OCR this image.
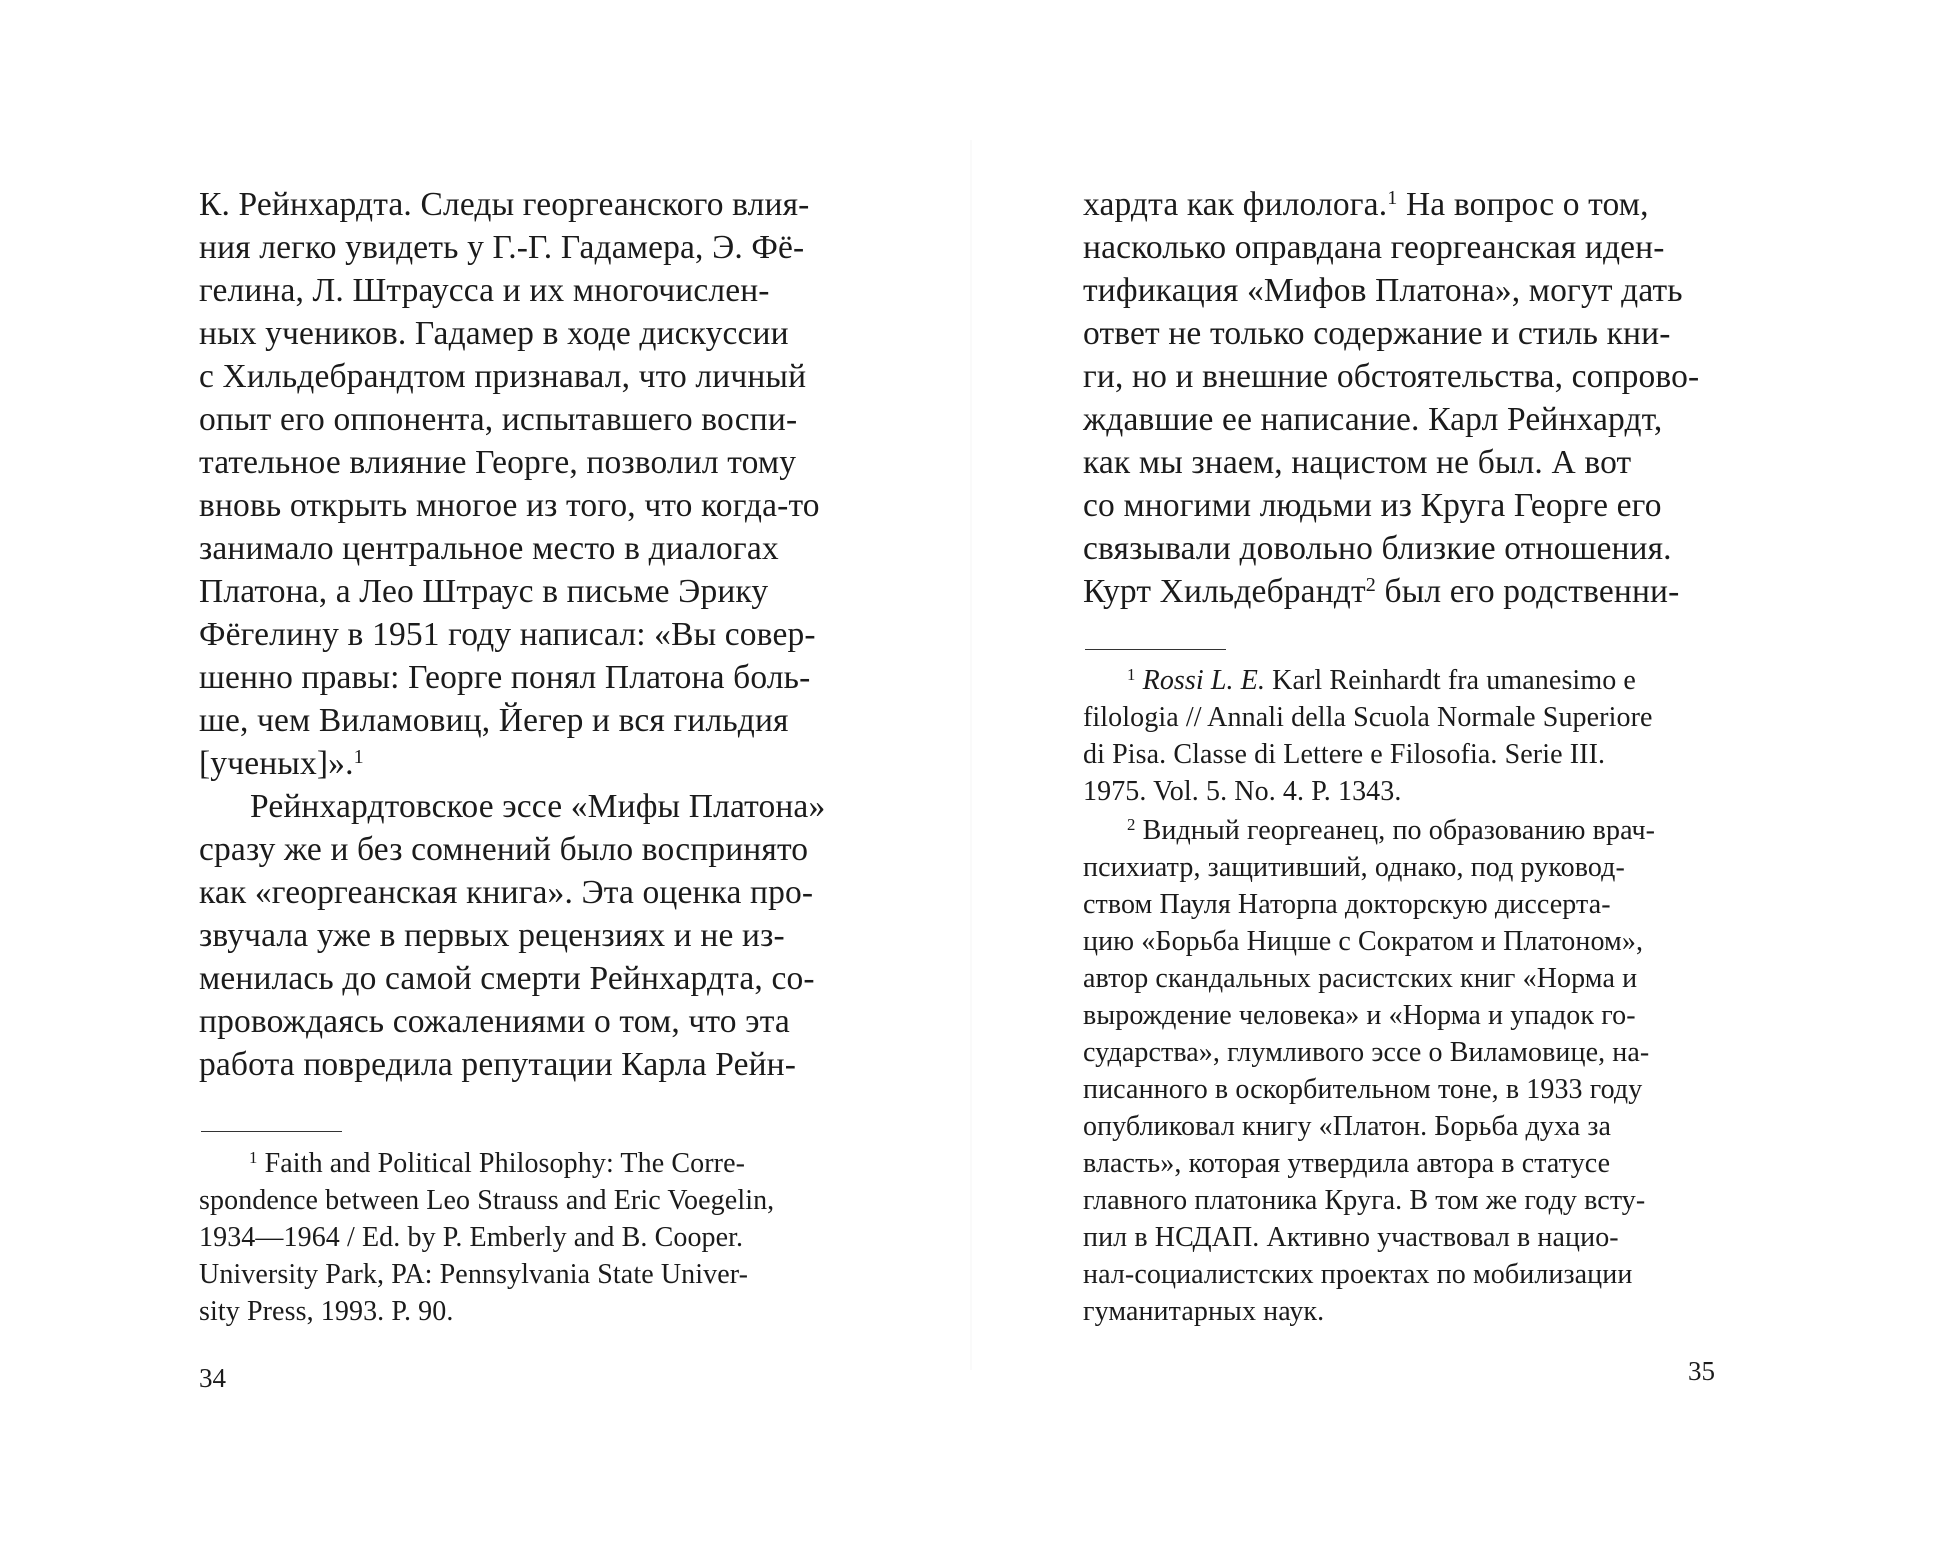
К. Рейнхардта. Следы георгеанского влия-

ния легко увидеть у Г.-Г. Гадамера, Э. Фё-

гелина, Л. Штраусса и их многочислен-

ных учеников. Гадамер в ходе дискуссии

с Хильдебрандтом признавал, что личный

опыт его оппонента, испытавшего воспи-

тательное влияние Георге, позволил тому

вновь открыть многое из того, что когда-то

занимало центральное место в диалогах

Платона, а Лео Штраус в письме Эрику

Фёгелину в 1951 году написал: «Вы совер-

шенно правы: Георге понял Платона боль-

ше, чем Виламовиц, Йегер и вся гильдия

[ученых]».$^1$

Рейнхардтовское эссе «Мифы Платона»

сразу же и без сомнений было воспринято

как «георгеанская книга». Эта оценка про-

звучала уже в первых рецензиях и не из-

менилась до самой смерти Рейнхардта, со-

провождаясь сожалениями о том, что эта

работа повредила репутации Карла Рейн-

$^1$ Faith and Political Philosophy: The Corre-

spondence between Leo Strauss and Eric Voegelin,

1934—1964 / Ed. by P. Emberly and B. Cooper.

University Park, PA: Pennsylvania State Univer-

sity Press, 1993. P. 90.

34

хардта как филолога.$^1$ На вопрос о том,

насколько оправдана георгеанская иден-

тификация «Мифов Платона», могут дать

ответ не только содержание и стиль кни-

ги, но и внешние обстоятельства, сопрово-

ждавшие ее написание. Карл Рейнхардт,

как мы знаем, нацистом не был. А вот

со многими людьми из Круга Георге его

связывали довольно близкие отношения.

Курт Хильдебрандт$^2$ был его родственни-

$^1$ Rossi L. E. Karl Reinhardt fra umanesimo e

filologia // Annali della Scuola Normale Superiore

di Pisa. Classe di Lettere e Filosofia. Serie III.

1975. Vol. 5. No. 4. P. 1343.

$^2$ Видный георгеанец, по образованию врач-

психиатр, защитивший, однако, под руковод-

ством Пауля Наторпа докторскую диссерта-

цию «Борьба Ницше с Сократом и Платоном»,

автор скандальных расистских книг «Норма и

вырождение человека» и «Норма и упадок го-

сударства», глумливого эссе о Виламовице, на-

писанного в оскорбительном тоне, в 1933 году

опубликовал книгу «Платон. Борьба духа за

власть», которая утвердила автора в статусе

главного платоника Круга. В том же году всту-

пил в НСДАП. Активно участвовал в нацио-

нал-социалистских проектах по мобилизации

гуманитарных наук.

35
